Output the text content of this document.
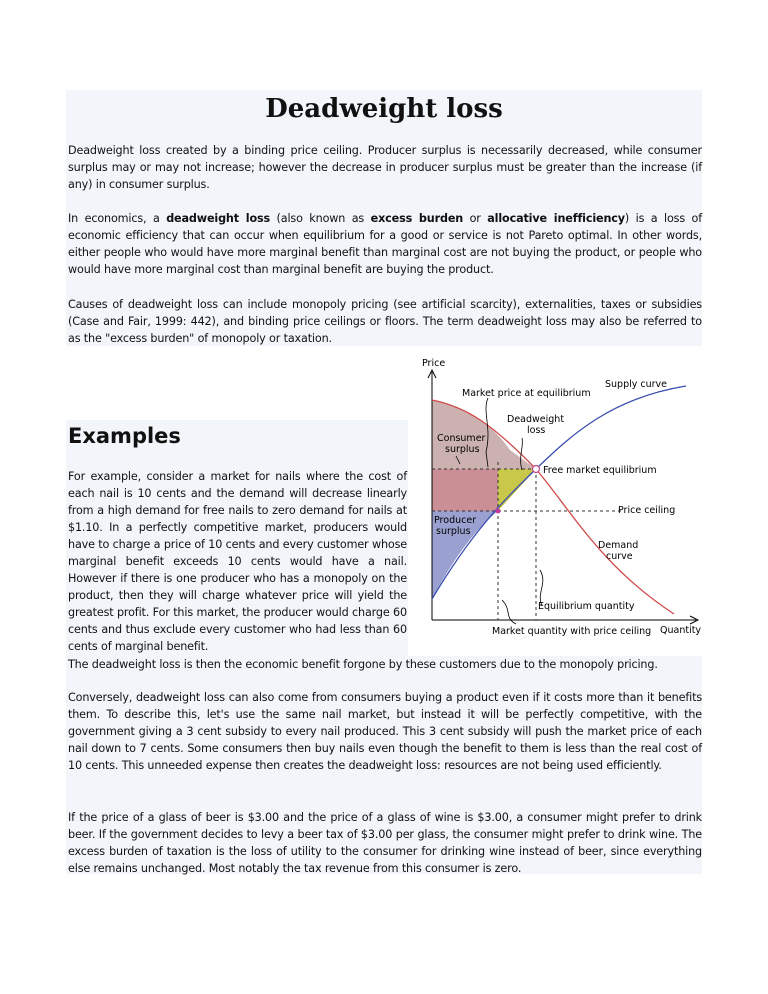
Deadweight loss

Deadweight loss created by a binding price ceiling. Producer surplus is necessarily decreased, while consumer surplus may or may not increase; however the decrease in producer surplus must be greater than the increase (if any) in consumer surplus.

In economics, a deadweight loss (also known as excess burden or allocative inefficiency) is a loss of economic efficiency that can occur when equilibrium for a good or service is not Pareto optimal. In other words, either people who would have more marginal benefit than marginal cost are not buying the product, or people who would have more marginal cost than marginal benefit are buying the product.

Causes of deadweight loss can include monopoly pricing (see artificial scarcity), externalities, taxes or subsidies (Case and Fair, 1999: 442), and binding price ceilings or floors. The term deadweight loss may also be referred to as the "excess burden" of monopoly or taxation.

Examples

For example, consider a market for nails where the cost of each nail is 10 cents and the demand will decrease linearly from a high demand for free nails to zero demand for nails at $1.10. In a perfectly competitive market, producers would have to charge a price of 10 cents and every customer whose marginal benefit exceeds 10 cents would have a nail. However if there is one producer who has a monopoly on the product, then they will charge whatever price will yield the greatest profit. For this market, the producer would charge 60 cents and thus exclude every customer who had less than 60 cents of marginal benefit.

The deadweight loss is then the economic benefit forgone by these customers due to the monopoly pricing.

Conversely, deadweight loss can also come from consumers buying a product even if it costs more than it benefits them. To describe this, let's use the same nail market, but instead it will be perfectly competitive, with the government giving a 3 cent subsidy to every nail produced. This 3 cent subsidy will push the market price of each nail down to 7 cents. Some consumers then buy nails even though the benefit to them is less than the real cost of 10 cents. This unneeded expense then creates the deadweight loss: resources are not being used efficiently.

If the price of a glass of beer is $3.00 and the price of a glass of wine is $3.00, a consumer might prefer to drink beer. If the government decides to levy a beer tax of $3.00 per glass, the consumer might prefer to drink wine. The excess burden of taxation is the loss of utility to the consumer for drinking wine instead of beer, since everything else remains unchanged. Most notably the tax revenue from this consumer is zero.

Price
Quantity
Supply curve
Market price at equilibrium
Deadweight
loss
Consumer
surplus
Free market equilibrium
Price ceiling
Producer
surplus
Demand
curve
Equilibrium quantity
Market quantity with price ceiling
